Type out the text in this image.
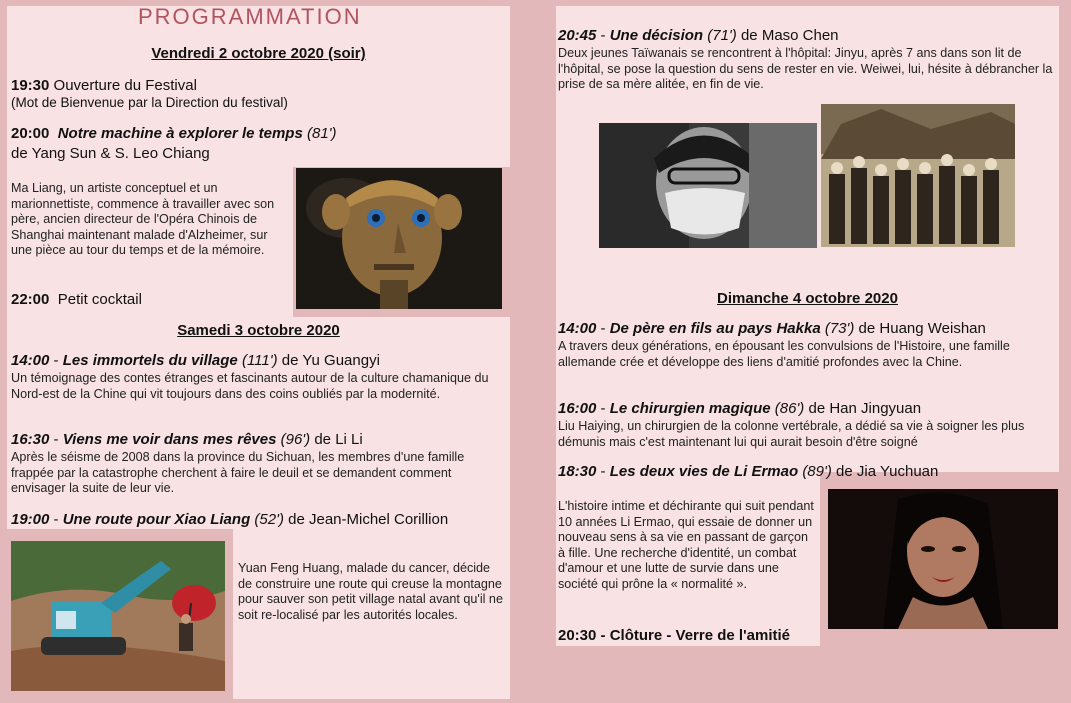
PROGRAMMATION
Vendredi 2 octobre 2020 (soir)
19:30 Ouverture du Festival
(Mot de Bienvenue par la Direction du festival)
20:00 Notre machine à explorer le temps (81')
de Yang Sun & S. Leo Chiang
Ma Liang, un artiste conceptuel et un marionnettiste, commence à travailler avec son père, ancien directeur de l'Opéra Chinois de Shanghai maintenant malade d'Alzheimer, sur une pièce au tour du temps et de la mémoire.
22:00 Petit cocktail
Samedi 3 octobre 2020
14:00 - Les immortels du village (111') de Yu Guangyi
Un témoignage des contes étranges et fascinants autour de la culture chamanique du Nord-est de la Chine qui vit toujours dans des coins oubliés par la modernité.
16:30 - Viens me voir dans mes rêves (96') de Li Li
Après le séisme de 2008 dans la province du Sichuan, les membres d'une famille frappée par la catastrophe cherchent à faire le deuil et se demandent comment envisager la suite de leur vie.
19:00 - Une route pour Xiao Liang (52') de Jean-Michel Corillion
Yuan Feng Huang, malade du cancer, décide de construire une route qui creuse la montagne pour sauver son petit village natal avant qu'il ne soit re-localisé par les autorités locales.
20:45 - Une décision (71') de Maso Chen
Deux jeunes Taïwanais se rencontrent à l'hôpital: Jinyu, après 7 ans dans son lit de l'hôpital, se pose la question du sens de rester en vie. Weiwei, lui, hésite à débrancher la prise de sa mère alitée, en fin de vie.
Dimanche 4 octobre 2020
14:00 - De père en fils au pays Hakka (73') de Huang Weishan
A travers deux générations, en épousant les convulsions de l'Histoire, une famille allemande crée et développe des liens d'amitié profondes avec la Chine.
16:00 - Le chirurgien magique (86') de Han Jingyuan
Liu Haiying, un chirurgien de la colonne vertébrale, a dédié sa vie à soigner les plus démunis mais c'est maintenant lui qui aurait besoin d'être soigné
18:30 - Les deux vies de Li Ermao (89') de Jia Yuchuan
L'histoire intime et déchirante qui suit pendant 10 années Li Ermao, qui essaie de donner un nouveau sens à sa vie en passant de garçon à fille. Une recherche d'identité, un combat d'amour et une lutte de survie dans une société qui prône la « normalité ».
20:30 - Clôture - Verre de l'amitié
